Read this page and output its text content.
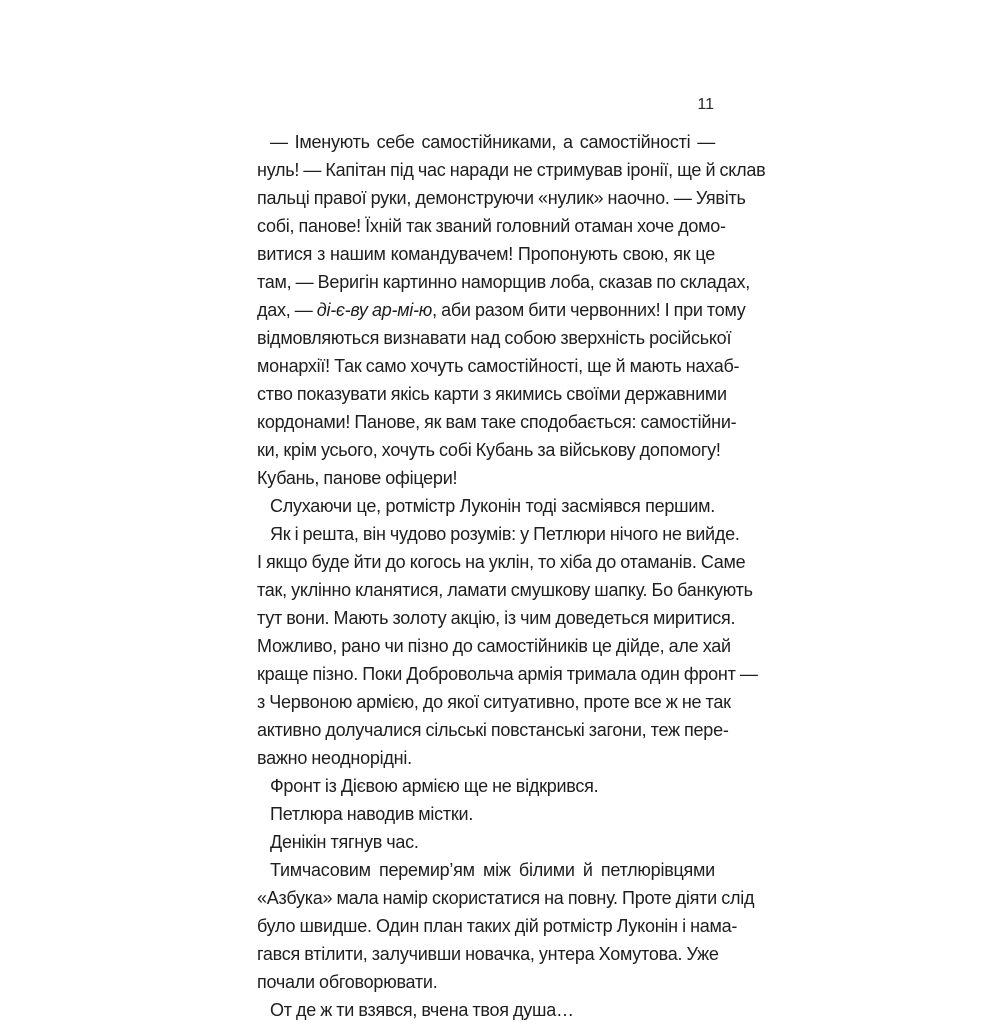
11
— Іменують себе самостійниками, а самостійності —
нуль! — Капітан під час наради не стримував іронії, ще й склав
пальці правої руки, демонструючи «нулик» наочно. — Уявіть
собі, панове! Їхній так званий головний отаман хоче домо-
витися з нашим командувачем! Пропонують свою, як це
там, — Веригін картинно наморщив лоба, сказав по складах,
дах, — ді-є-ву ар-мі-ю, аби разом бити червонних! І при тому
відмовляються визнавати над собою зверхність російської
монархії! Так само хочуть самостійності, ще й мають нахаб-
ство показувати якісь карти з якимись своїми державними
кордонами! Панове, як вам таке сподобається: самостійни-
ки, крім усього, хочуть собі Кубань за військову допомогу!
Кубань, панове офіцери!
Слухаючи це, ротмістр Луконін тоді засміявся першим.
Як і решта, він чудово розумів: у Петлюри нічого не вийде.
І якщо буде йти до когось на уклін, то хіба до отаманів. Саме
так, уклінно кланятися, ламати смушкову шапку. Бо банкують
тут вони. Мають золоту акцію, із чим доведеться миритися.
Можливо, рано чи пізно до самостійників це дійде, але хай
краще пізно. Поки Добровольча армія тримала один фронт —
з Червоною армією, до якої ситуативно, проте все ж не так
активно долучалися сільські повстанські загони, теж пере-
важно неоднорідні.
Фронт із Дієвою армією ще не відкрився.
Петлюра наводив містки.
Денікін тягнув час.
Тимчасовим перемир’ям між білими й петлюрівцями
«Азбука» мала намір скористатися на повну. Проте діяти слід
було швидше. Один план таких дій ротмістр Луконін і нама-
гався втілити, залучивши новачка, унтера Хомутова. Уже
почали обговорювати.
От де ж ти взявся, вчена твоя душа…
